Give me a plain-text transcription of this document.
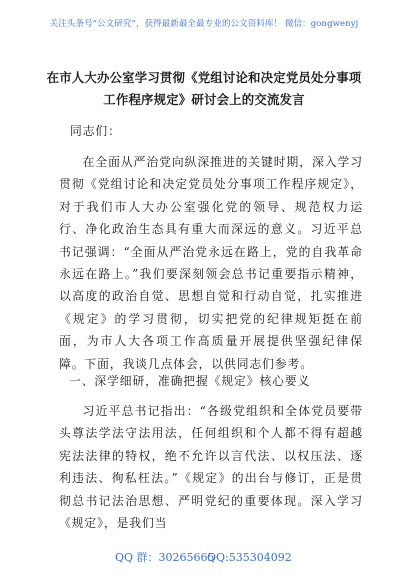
关注头条号“公文研究”，获得最新最全最专业的公文资料库！ 微信：gongwenyj
在市人大办公室学习贯彻《党组讨论和决定党员处分事项
工作程序规定》研讨会上的交流发言
同志们：
在全面从严治党向纵深推进的关键时期，深入学习贯彻《党组讨论和决定党员处分事项工作程序规定》，对于我们市人大办公室强化党的领导、规范权力运行、净化政治生态具有重大而深远的意义。习近平总书记强调：“全面从严治党永远在路上，党的自我革命永远在路上。”我们要深刻领会总书记重要指示精神，以高度的政治自觉、思想自觉和行动自觉，扎实推进《规定》的学习贯彻，切实把党的纪律规矩挺在前面，为市人大各项工作高质量开展提供坚强纪律保障。下面，我谈几点体会，以供同志们参考。
一、深学细研，准确把握《规定》核心要义
习近平总书记指出：“各级党组织和全体党员要带头尊法学法守法用法，任何组织和个人都不得有超越宪法法律的特权，绝不允许以言代法、以权压法、逐利违法、徇私枉法。”《规定》的出台与修订，正是贯彻总书记法治思想、严明党纪的重要体现。深入学习《规定》，是我们当
QQ 群：30265665
QQ:535304092
